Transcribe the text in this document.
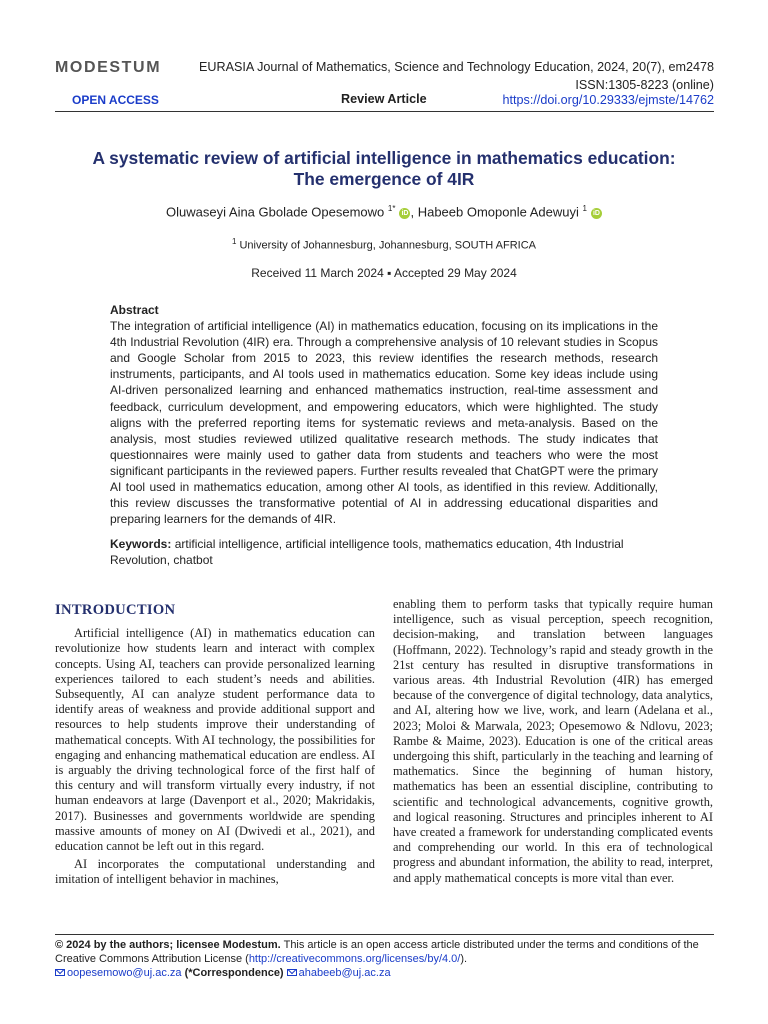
MODESTUM	EURASIA Journal of Mathematics, Science and Technology Education, 2024, 20(7), em2478
ISSN:1305-8223 (online)
OPEN ACCESS	Review Article	https://doi.org/10.29333/ejmste/14762
A systematic review of artificial intelligence in mathematics education:
The emergence of 4IR
Oluwaseyi Aina Gbolade Opesemowo $^{1*}$iD , Habeeb Omoponle Adewuyi $^1$iD
$^1$ University of Johannesburg, Johannesburg, SOUTH AFRICA
Received 11 March 2024 ▪ Accepted 29 May 2024

Abstract

The integration of artificial intelligence (AI) in mathematics education, focusing on its implications in the 4th Industrial Revolution (4IR) era. Through a comprehensive analysis of 10 relevant studies in Scopus and Google Scholar from 2015 to 2023, this review identifies the research methods, research instruments, participants, and AI tools used in mathematics education. Some key ideas include using AI-driven personalized learning and enhanced mathematics instruction, real-time assessment and feedback, curriculum development, and empowering educators, which were highlighted. The study aligns with the preferred reporting items for systematic reviews and meta-analysis. Based on the analysis, most studies reviewed utilized qualitative research methods. The study indicates that questionnaires were mainly used to gather data from students and teachers who were the most significant participants in the reviewed papers. Further results revealed that ChatGPT were the primary AI tool used in mathematics education, among other AI tools, as identified in this review. Additionally, this review discusses the transformative potential of AI in addressing educational disparities and preparing learners for the demands of 4IR.

Keywords: artificial intelligence, artificial intelligence tools, mathematics education, 4th Industrial Revolution, chatbot
INTRODUCTION

Artificial intelligence (AI) in mathematics education can revolutionize how students learn and interact with complex concepts. Using AI, teachers can provide personalized learning experiences tailored to each student’s needs and abilities. Subsequently, AI can analyze student performance data to identify areas of weakness and provide additional support and resources to help students improve their understanding of mathematical concepts. With AI technology, the possibilities for engaging and enhancing mathematical education are endless. AI is arguably the driving technological force of the first half of this century and will transform virtually every industry, if not human endeavors at large (Davenport et al., 2020; Makridakis, 2017). Businesses and governments worldwide are spending massive amounts of money on AI (Dwivedi et al., 2021), and education cannot be left out in this regard.

AI incorporates the computational understanding and imitation of intelligent behavior in machines,

enabling them to perform tasks that typically require human intelligence, such as visual perception, speech recognition, decision-making, and translation between languages (Hoffmann, 2022). Technology’s rapid and steady growth in the 21st century has resulted in disruptive transformations in various areas. 4th Industrial Revolution (4IR) has emerged because of the convergence of digital technology, data analytics, and AI, altering how we live, work, and learn (Adelana et al., 2023; Moloi & Marwala, 2023; Opesemowo & Ndlovu, 2023; Rambe & Maime, 2023). Education is one of the critical areas undergoing this shift, particularly in the teaching and learning of mathematics. Since the beginning of human history, mathematics has been an essential discipline, contributing to scientific and technological advancements, cognitive growth, and logical reasoning. Structures and principles inherent to AI have created a framework for understanding complicated events and comprehending our world. In this era of technological progress and abundant information, the ability to read, interpret, and apply mathematical concepts is more vital than ever.

© 2024 by the authors; licensee Modestum. This article is an open access article distributed under the terms and conditions of the Creative Commons Attribution License (http://creativecommons.org/licenses/by/4.0/).
oopesemowo@uj.ac.za (*Correspondence) ahabeeb@uj.ac.za
